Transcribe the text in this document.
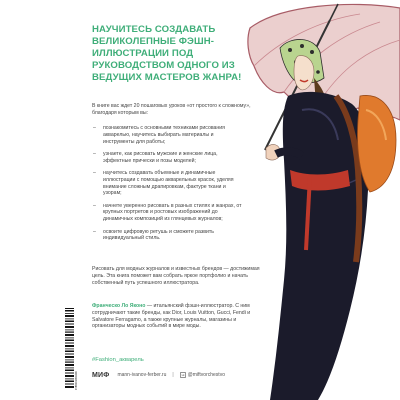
НАУЧИТЕСЬ СОЗДАВАТЬ ВЕЛИКОЛЕПНЫЕ ФЭШН-ИЛЛЮСТРАЦИИ ПОД РУКОВОДСТВОМ ОДНОГО ИЗ ВЕДУЩИХ МАСТЕРОВ ЖАНРА!

В книге вас ждет 20 пошаговых уроков «от простого к сложному», благодаря которым вы:

– познакомитесь с основными техниками рисования акварелью, научитесь выбирать материалы и инструменты для работы;
– узнаете, как рисовать мужские и женские лица, эффектные прически и позы моделей;
– научитесь создавать объемные и динамичные иллюстрации с помощью акварельных красок, уделяя внимание сложным драпировкам, фактуре ткани и узорам;
– начнете уверенно рисовать в разных стилях и жанрах, от крупных портретов и ростовых изображений до динамичных композиций из глянцевых журналов;
– освоите цифровую ретушь и сможете развить индивидуальный стиль.

Рисовать для модных журналов и известных брендов — достижимая цель. Эта книга поможет вам собрать яркое портфолио и начать собственный путь успешного иллюстратора.

Франческо Ло Яконо — итальянский фэшн-иллюстратор. С ним сотрудничают такие бренды, как Dior, Louis Vuitton, Gucci, Fendi и Salvatore Ferragamo, а также крупные журналы, магазины и организаторы модных событий в мире моды.

#Fashion_акварель
МИФ mann-ivanov-ferber.ru | vk @miftvorchestvo
9785001954409
